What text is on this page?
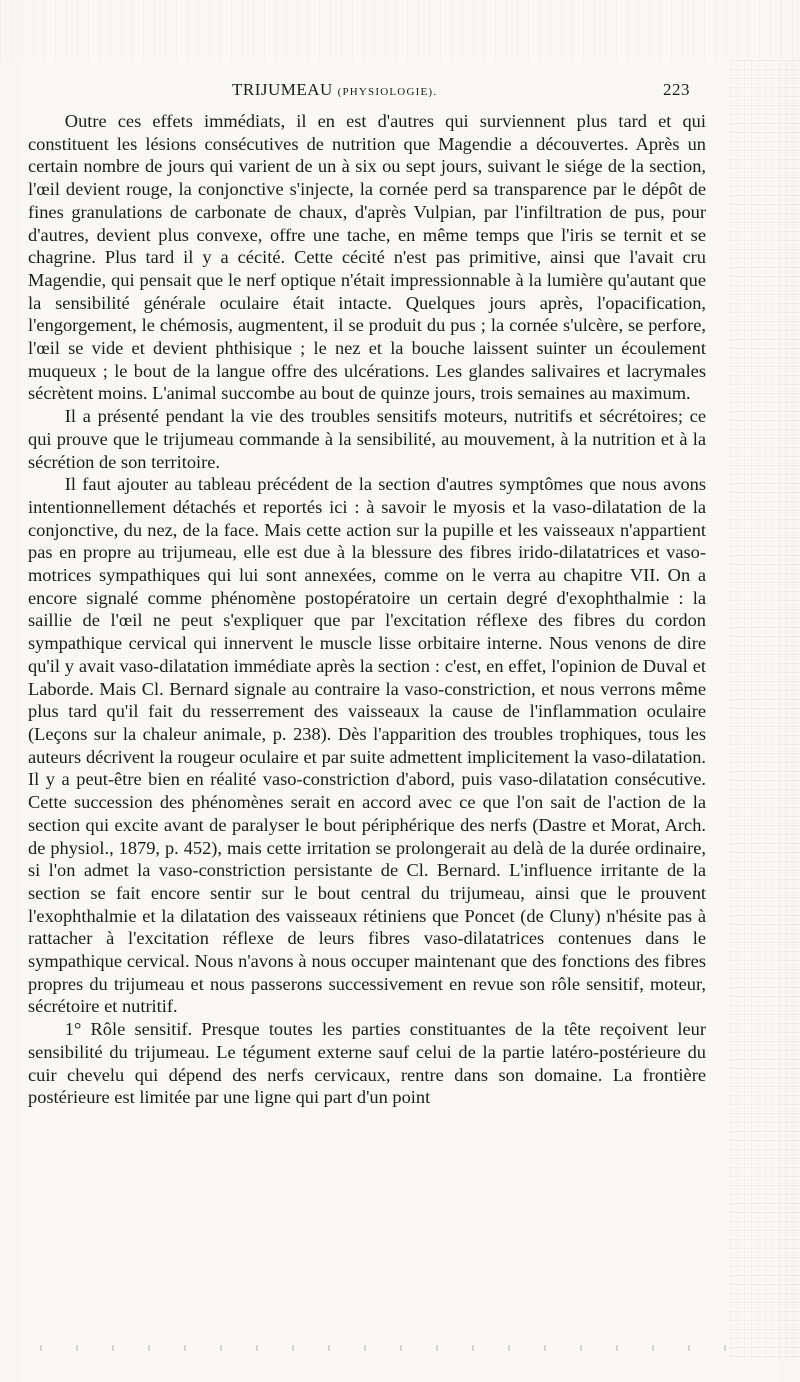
TRIJUMEAU (PHYSIOLOGIE).	223

Outre ces effets immédiats, il en est d'autres qui surviennent plus tard et qui constituent les lésions consécutives de nutrition que Magendie a découvertes. Après un certain nombre de jours qui varient de un à six ou sept jours, suivant le siége de la section, l'œil devient rouge, la conjonctive s'injecte, la cornée perd sa transparence par le dépôt de fines granulations de carbonate de chaux, d'après Vulpian, par l'infiltration de pus, pour d'autres, devient plus convexe, offre une tache, en même temps que l'iris se ternit et se chagrine. Plus tard il y a cécité. Cette cécité n'est pas primitive, ainsi que l'avait cru Magendie, qui pensait que le nerf optique n'était impressionnable à la lumière qu'autant que la sensibilité générale oculaire était intacte. Quelques jours après, l'opacification, l'engorgement, le chémosis, augmentent, il se produit du pus ; la cornée s'ulcère, se perfore, l'œil se vide et devient phthisique ; le nez et la bouche laissent suinter un écoulement muqueux ; le bout de la langue offre des ulcérations. Les glandes salivaires et lacrymales sécrètent moins. L'animal succombe au bout de quinze jours, trois semaines au maximum.

Il a présenté pendant la vie des troubles sensitifs moteurs, nutritifs et sécrétoires; ce qui prouve que le trijumeau commande à la sensibilité, au mouvement, à la nutrition et à la sécrétion de son territoire.

Il faut ajouter au tableau précédent de la section d'autres symptômes que nous avons intentionnellement détachés et reportés ici : à savoir le myosis et la vaso-dilatation de la conjonctive, du nez, de la face. Mais cette action sur la pupille et les vaisseaux n'appartient pas en propre au trijumeau, elle est due à la blessure des fibres irido-dilatatrices et vaso-motrices sympathiques qui lui sont annexées, comme on le verra au chapitre VII. On a encore signalé comme phénomène postopératoire un certain degré d'exophthalmie : la saillie de l'œil ne peut s'expliquer que par l'excitation réflexe des fibres du cordon sympathique cervical qui innervent le muscle lisse orbitaire interne. Nous venons de dire qu'il y avait vaso-dilatation immédiate après la section : c'est, en effet, l'opinion de Duval et Laborde. Mais Cl. Bernard signale au contraire la vaso-constriction, et nous verrons même plus tard qu'il fait du resserrement des vaisseaux la cause de l'inflammation oculaire (Leçons sur la chaleur animale, p. 238). Dès l'apparition des troubles trophiques, tous les auteurs décrivent la rougeur oculaire et par suite admettent implicitement la vaso-dilatation. Il y a peut-être bien en réalité vaso-constriction d'abord, puis vaso-dilatation consécutive. Cette succession des phénomènes serait en accord avec ce que l'on sait de l'action de la section qui excite avant de paralyser le bout périphérique des nerfs (Dastre et Morat, Arch. de physiol., 1879, p. 452), mais cette irritation se prolongerait au delà de la durée ordinaire, si l'on admet la vaso-constriction persistante de Cl. Bernard. L'influence irritante de la section se fait encore sentir sur le bout central du trijumeau, ainsi que le prouvent l'exophthalmie et la dilatation des vaisseaux rétiniens que Poncet (de Cluny) n'hésite pas à rattacher à l'excitation réflexe de leurs fibres vaso-dilatatrices contenues dans le sympathique cervical. Nous n'avons à nous occuper maintenant que des fonctions des fibres propres du trijumeau et nous passerons successivement en revue son rôle sensitif, moteur, sécrétoire et nutritif.

1° Rôle sensitif. Presque toutes les parties constituantes de la tête reçoivent leur sensibilité du trijumeau. Le tégument externe sauf celui de la partie latéro-postérieure du cuir chevelu qui dépend des nerfs cervicaux, rentre dans son domaine. La frontière postérieure est limitée par une ligne qui part d'un point
